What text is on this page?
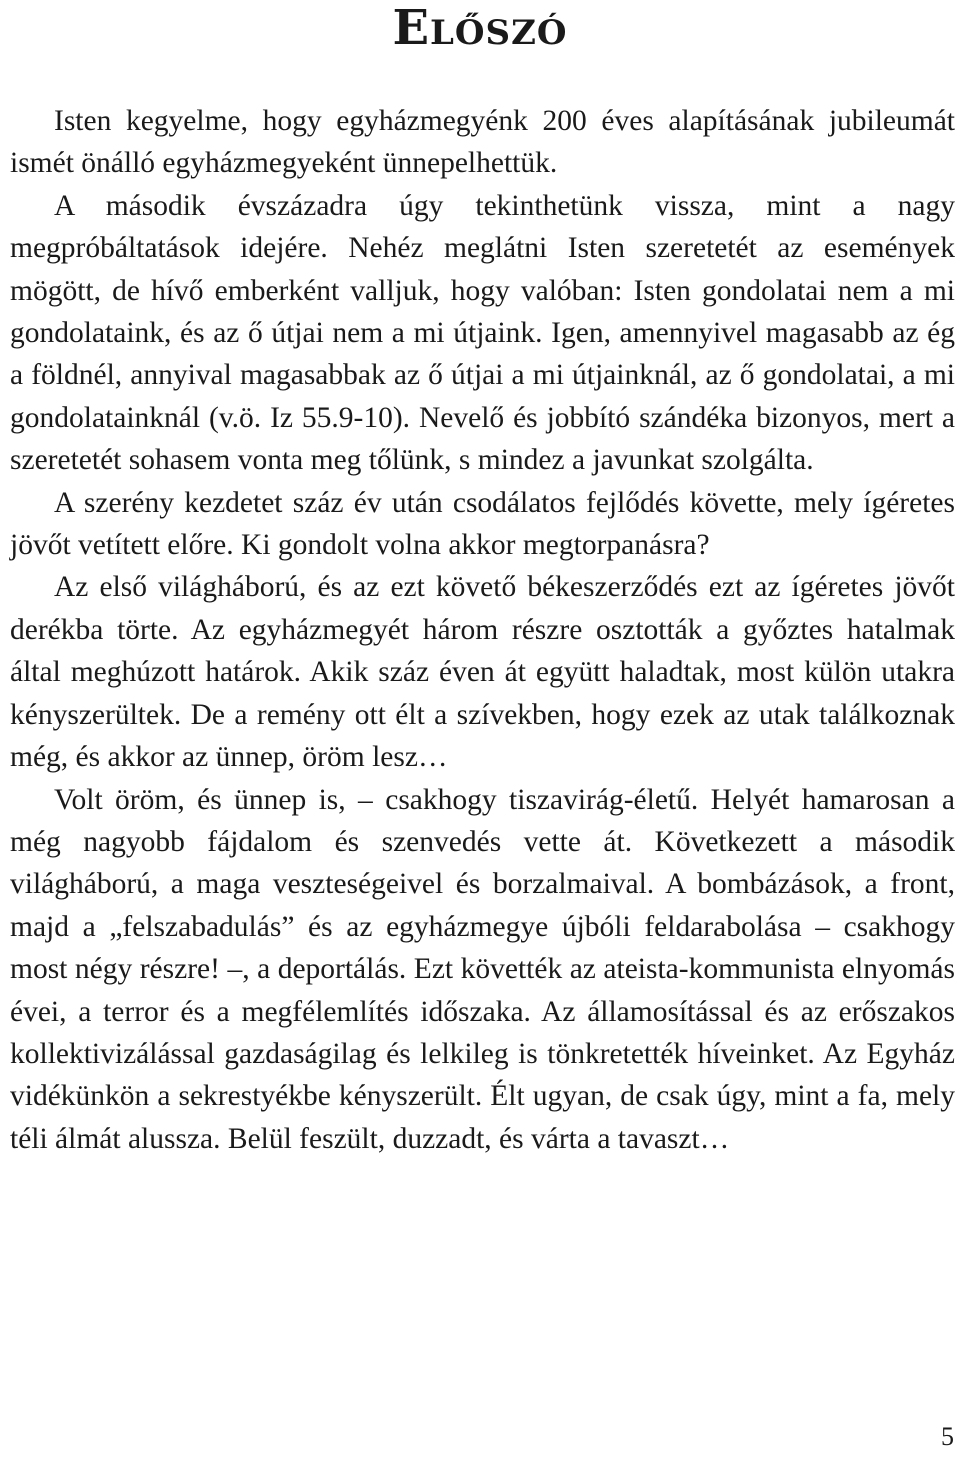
Előszó

Isten kegyelme, hogy egyházmegyénk 200 éves alapításának jubileumát ismét önálló egyházmegyeként ünnepelhettük.

A második évszázadra úgy tekinthetünk vissza, mint a nagy megpróbáltatások idejére. Nehéz meglátni Isten szeretetét az események mögött, de hívő emberként valljuk, hogy valóban: Isten gondolatai nem a mi gondolataink, és az ő útjai nem a mi útjaink. Igen, amennyivel magasabb az ég a földnél, annyival magasabbak az ő útjai a mi útjainknál, az ő gondolatai, a mi gondolatainknál (v.ö. Iz 55.9-10). Nevelő és jobbító szándéka bizonyos, mert a szeretetét sohasem vonta meg tőlünk, s mindez a javunkat szolgálta.

A szerény kezdetet száz év után csodálatos fejlődés követte, mely ígéretes jövőt vetített előre. Ki gondolt volna akkor megtorpanásra?

Az első világháború, és az ezt követő békeszerződés ezt az ígéretes jövőt derékba törte. Az egyházmegyét három részre osztották a győztes hatalmak által meghúzott határok. Akik száz éven át együtt haladtak, most külön utakra kényszerültek. De a remény ott élt a szívekben, hogy ezek az utak találkoznak még, és akkor az ünnep, öröm lesz…

Volt öröm, és ünnep is, – csakhogy tiszavirág-életű. Helyét hamarosan a még nagyobb fájdalom és szenvedés vette át. Következett a második világháború, a maga veszteségeivel és borzalmaival. A bombázások, a front, majd a „felszabadulás” és az egyházmegye újbóli feldarabolása – csakhogy most négy részre! –, a deportálás. Ezt követték az ateista-kommunista elnyomás évei, a terror és a megfélemlítés időszaka. Az államosítással és az erőszakos kollektivizálással gazdaságilag és lelkileg is tönkretették híveinket. Az Egyház vidékünkön a sekrestyékbe kényszerült. Élt ugyan, de csak úgy, mint a fa, mely téli álmát alussza. Belül feszült, duzzadt, és várta a tavaszt…

5
